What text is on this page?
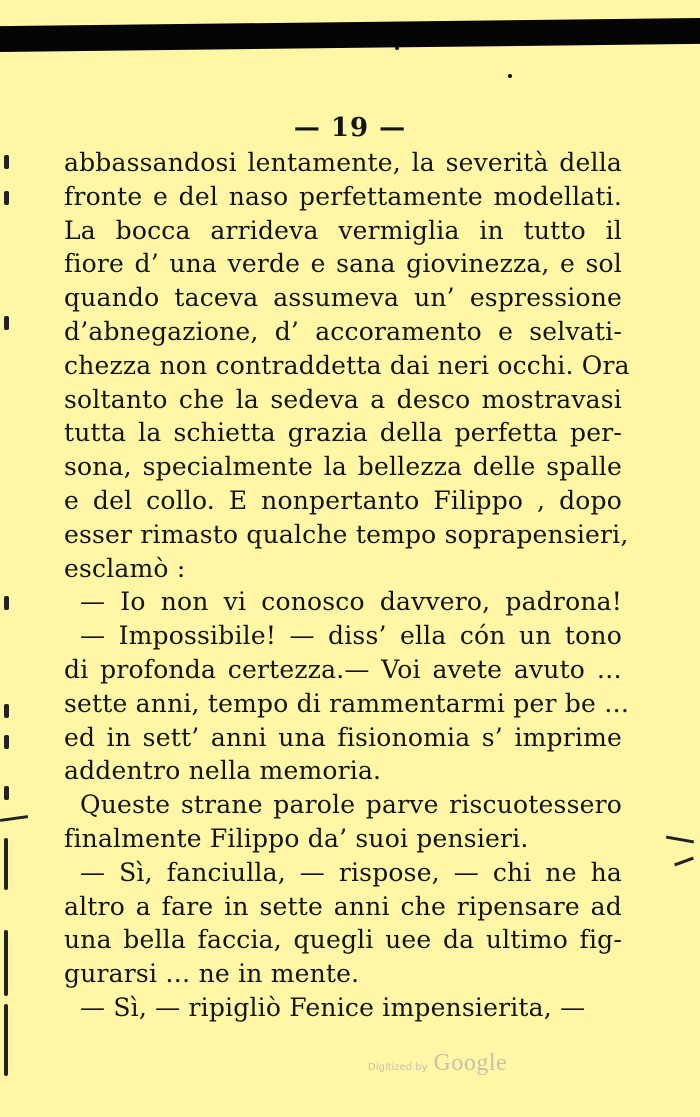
— 19 —
abbassandosi lentamente, la severità della
fronte e del naso perfettamente modellati.
La bocca arrideva vermiglia in tutto il
fiore d’ una verde e sana giovinezza, e sol
quando taceva assumeva un’ espressione
d’abnegazione, d’ accoramento e selvati-
chezza non contraddetta dai neri occhi. Ora
soltanto che la sedeva a desco mostravasi
tutta la schietta grazia della perfetta per-
sona, specialmente la bellezza delle spalle
e del collo. E nonpertanto Filippo , dopo
esser rimasto qualche tempo soprapensieri,
esclamò :
— Io non vi conosco davvero, padrona!
— Impossibile! — diss’ ella cón un tono
di profonda certezza.— Voi avete avuto …
sette anni, tempo di rammentarmi per be …
ed in sett’ anni una fisionomia s’ imprime
addentro nella memoria.
Queste strane parole parve riscuotessero
finalmente Filippo da’ suoi pensieri.
— Sì, fanciulla, — rispose, — chi ne ha
altro a fare in sette anni che ripensare ad
una bella faccia, quegli uee da ultimo fig-
gurarsi … ne in mente.
— Sì, — ripigliò Fenice impensierita, —
Digitized by Google
